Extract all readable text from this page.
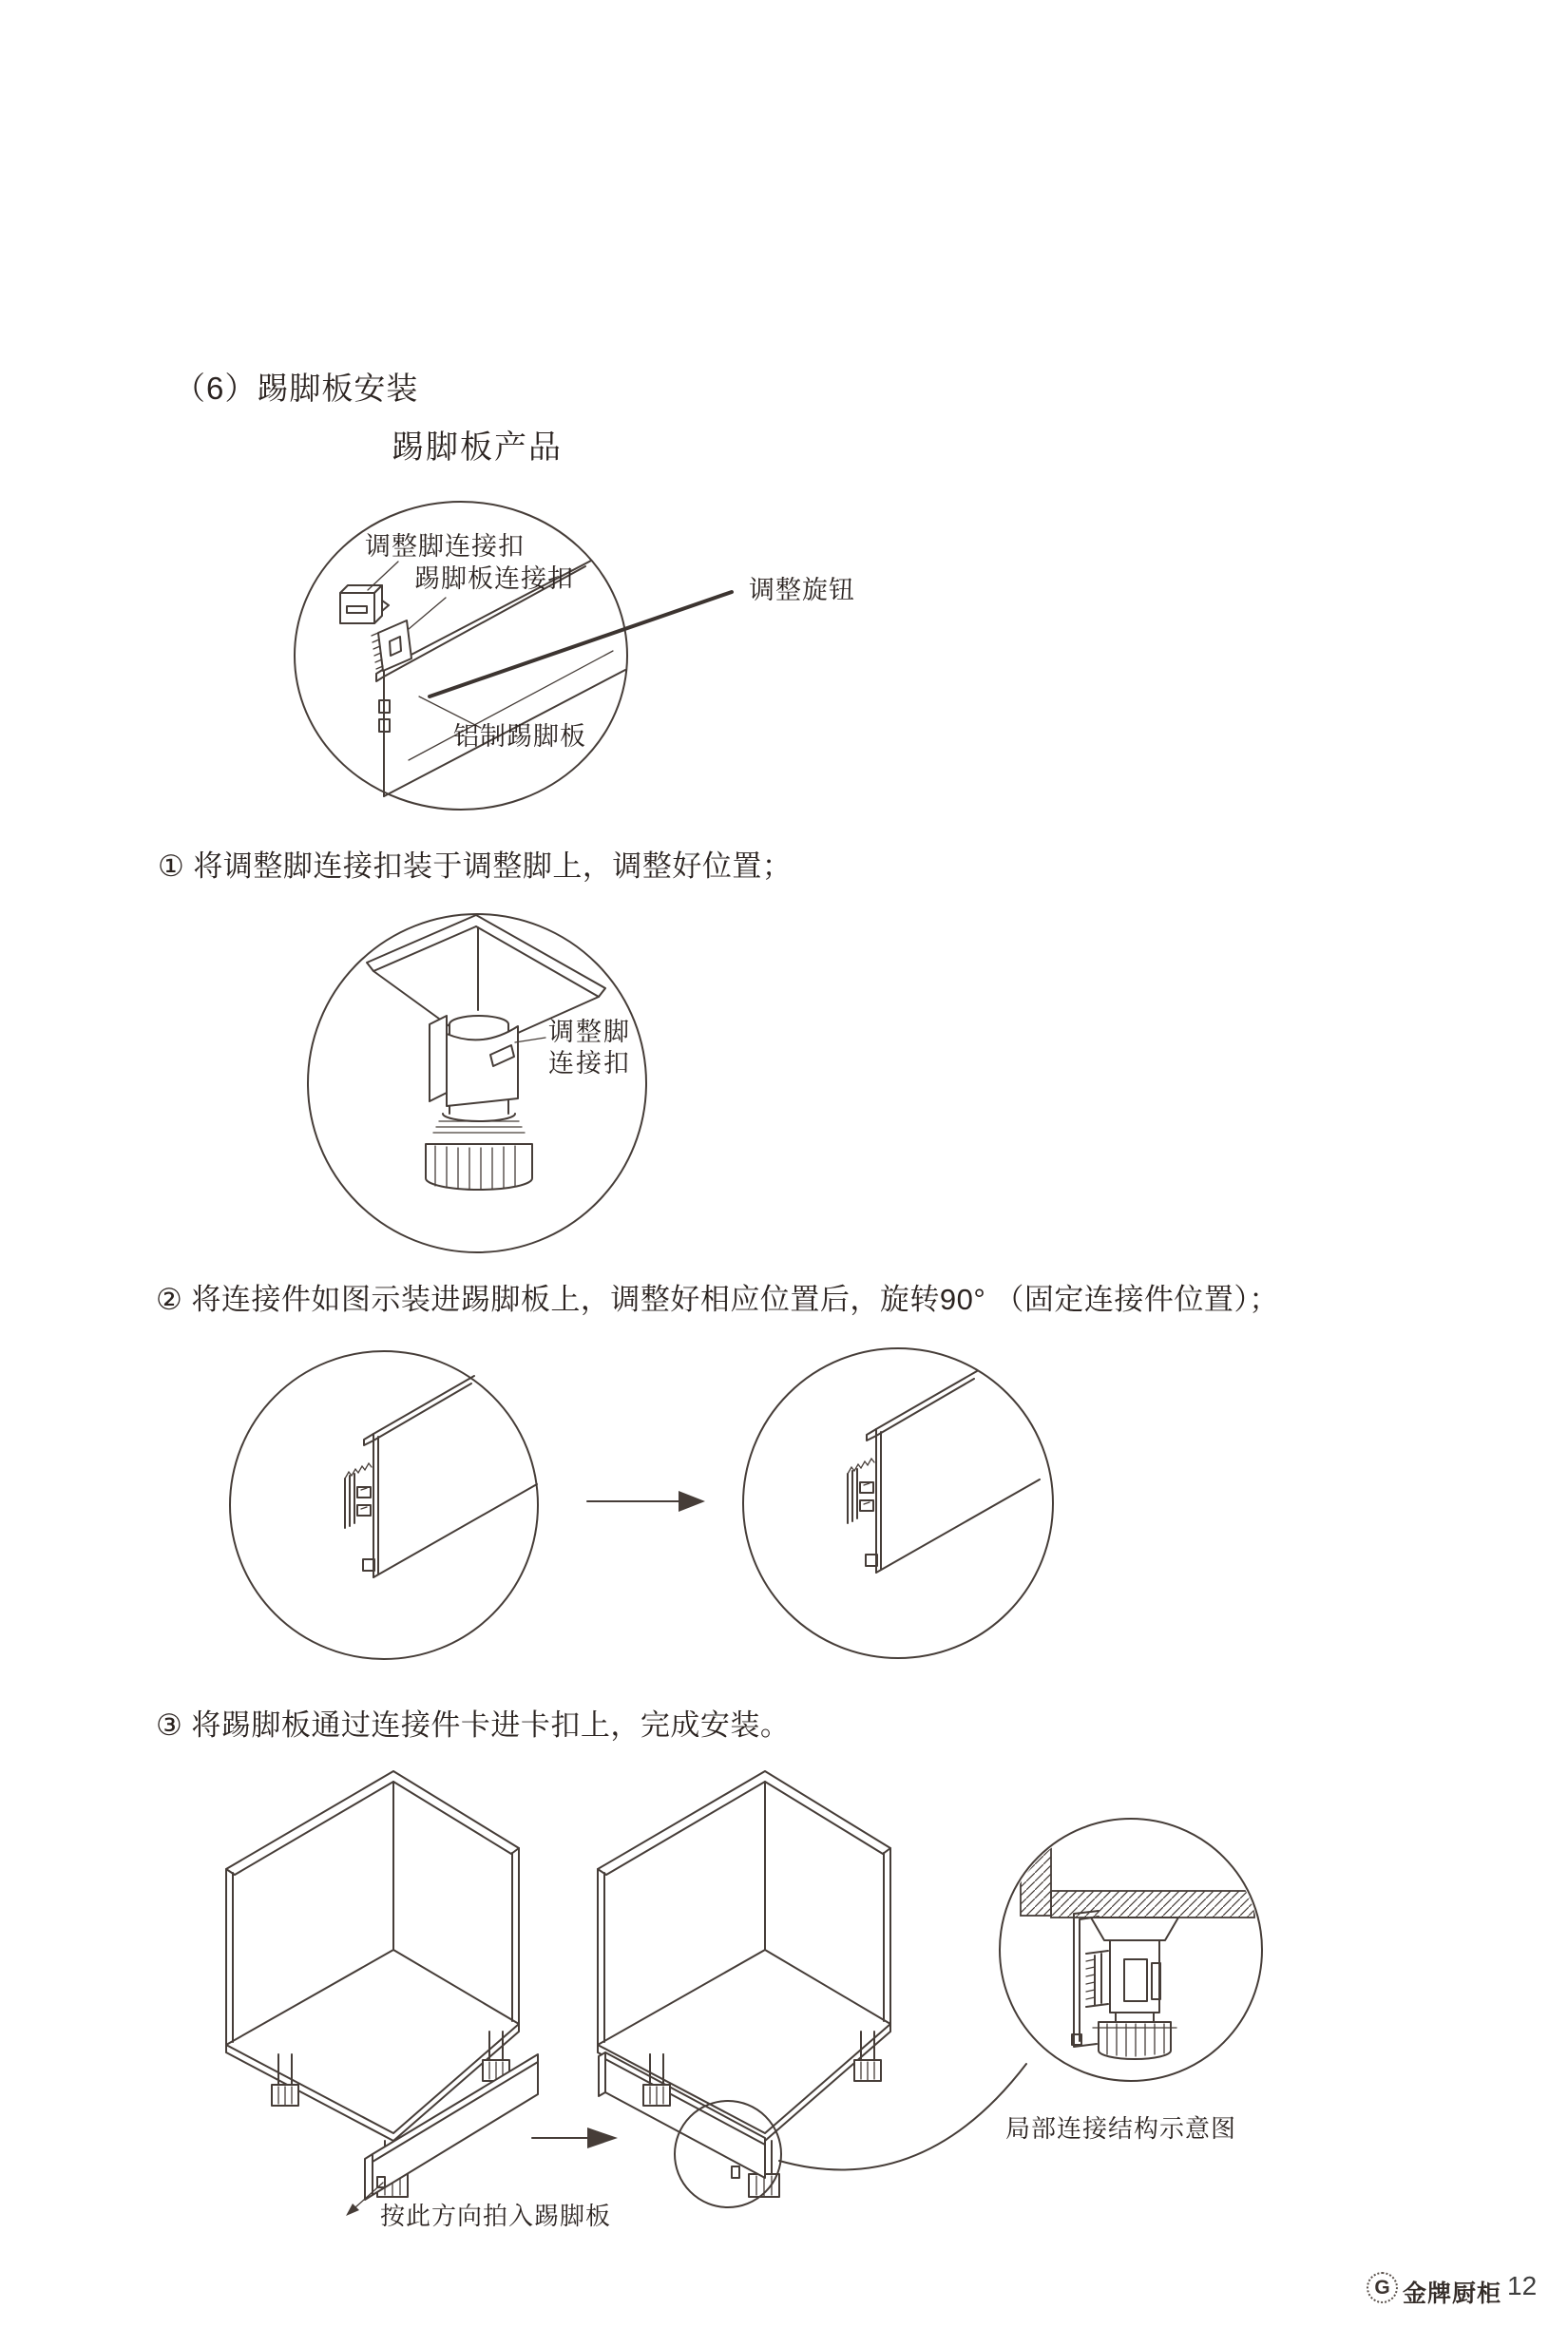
（6）踢脚板安装
踢脚板产品
调整脚连接扣
踢脚板连接扣	调整旋钮
铝制踢脚板
① 将调整脚连接扣装于调整脚上，调整好位置；
调整脚
连接扣
② 将连接件如图示装进踢脚板上，调整好相应位置后，旋转90° （固定连接件位置）；
③ 将踢脚板通过连接件卡进卡扣上，完成安装。
按此方向拍入踢脚板
局部连接结构示意图
G 金牌厨柜 12
